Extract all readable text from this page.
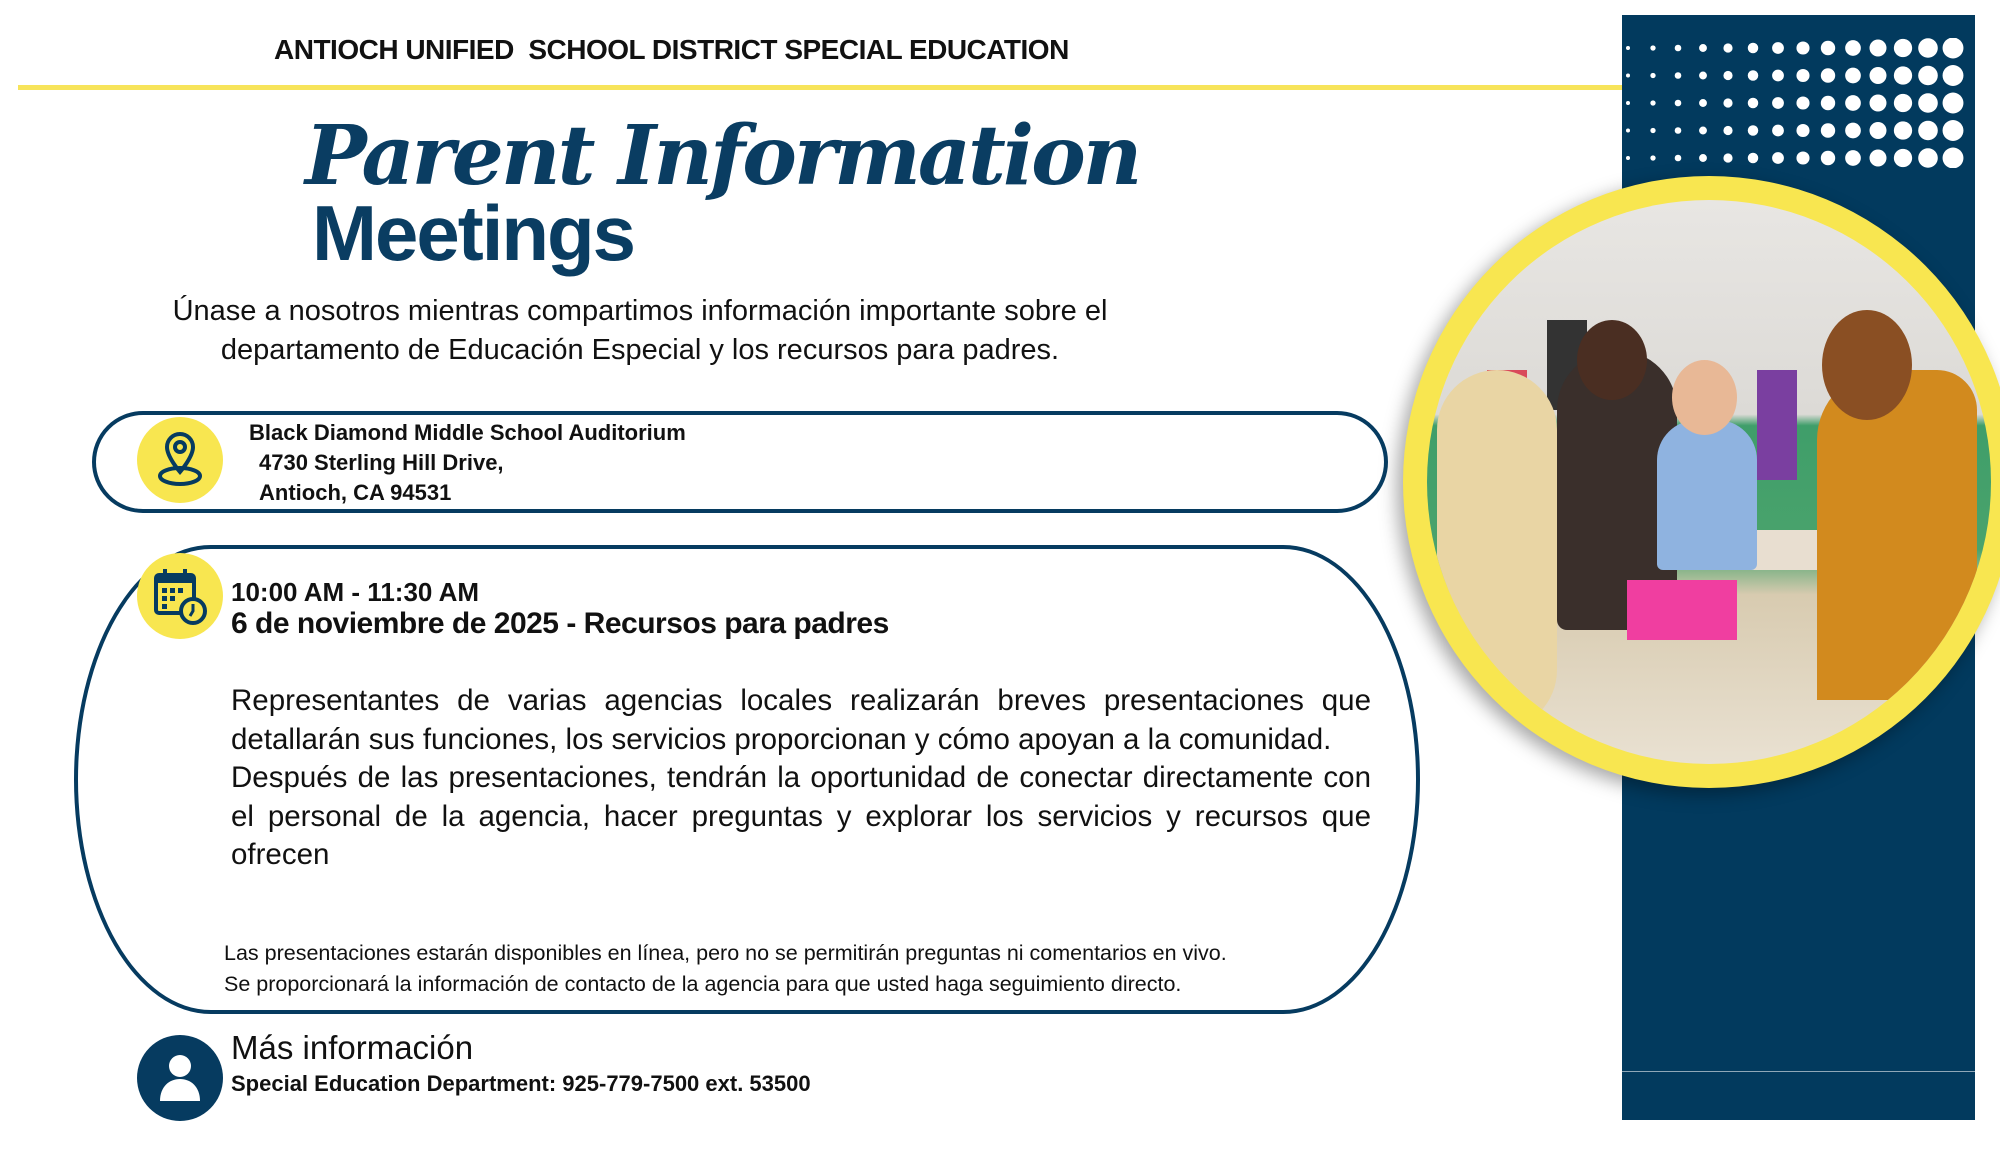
ANTIOCH UNIFIED  SCHOOL DISTRICT SPECIAL EDUCATION
Parent Information
Meetings
Únase a nosotros mientras compartimos información importante sobre el
departamento de Educación Especial y los recursos para padres.
Black Diamond Middle School Auditorium
4730 Sterling Hill Drive,
Antioch, CA 94531
10:00 AM - 11:30 AM
6 de noviembre de 2025 - Recursos para padres

Representantes de varias agencias locales realizarán breves presentaciones que detallarán sus funciones, los servicios proporcionan y cómo apoyan a la comunidad.

Después de las presentaciones, tendrán la oportunidad de conectar directamente con el personal de la agencia, hacer preguntas y explorar los servicios y recursos que ofrecen

Las presentaciones estarán disponibles en línea, pero no se permitirán preguntas ni comentarios en vivo.
Se proporcionará la información de contacto de la agencia para que usted haga seguimiento directo.
Más información
Special Education Department: 925-779-7500 ext. 53500
